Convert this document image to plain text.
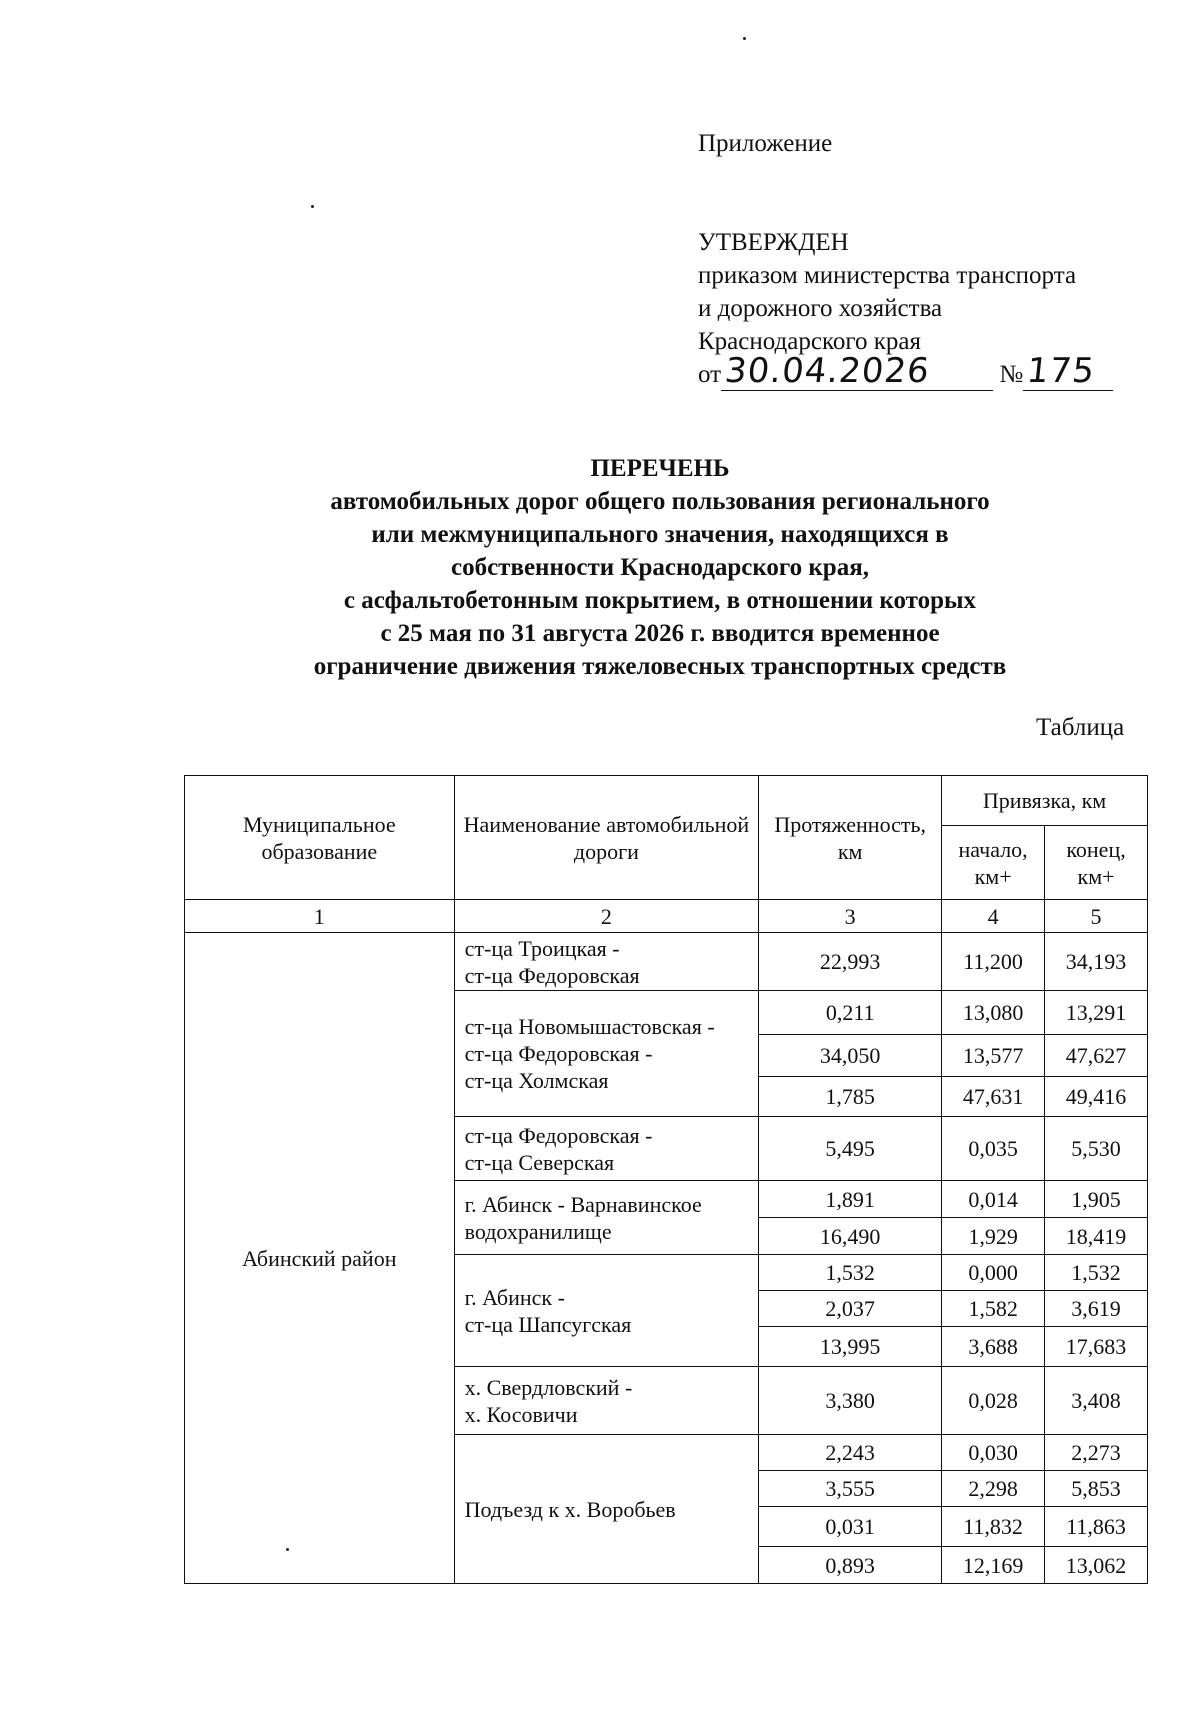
Приложение
УТВЕРЖДЕН
приказом министерства транспорта
и дорожного хозяйства
Краснодарского края
от 30.04.2026	№ 175
ПЕРЕЧЕНЬ
автомобильных дорог общего пользования регионального
или межмуниципального значения, находящихся в
собственности Краснодарского края,
с асфальтобетонным покрытием, в отношении которых
с 25 мая по 31 августа 2026 г. вводится временное
ограничение движения тяжеловесных транспортных средств
Таблица
Муниципальное образование	Наименование автомобильной дороги	Протяженность, км	Привязка, км	
			начало, км+	конец, км+
1	2	3	4	5
Абинский район	ст-ца Троицкая -
ст-ца Федоровская	22,993	11,200	34,193

	ст-ца Новомышастовская -
ст-ца Федоровская -
ст-ца Холмская	0,211	13,080	13,291
		34,050	13,577	47,627
		1,785	47,631	49,416

	ст-ца Федоровская -
ст-ца Северская	5,495	0,035	5,530

	г. Абинск - Варнавинское
водохранилище	1,891	0,014	1,905
		16,490	1,929	18,419

	г. Абинск -
ст-ца Шапсугская	1,532	0,000	1,532
		2,037	1,582	3,619
		13,995	3,688	17,683

	х. Свердловский -
х. Косовичи	3,380	0,028	3,408

	Подъезд к х. Воробьев	2,243	0,030	2,273
		3,555	2,298	5,853
		0,031	11,832	11,863
		0,893	12,169	13,062
